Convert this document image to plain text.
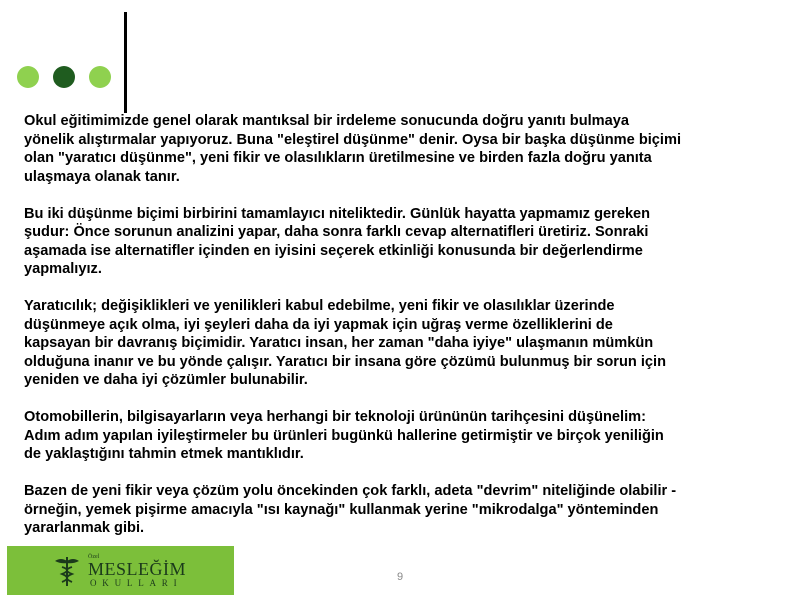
Okul eğitimimizde genel olarak mantıksal bir irdeleme sonucunda doğru yanıtı bulmaya
yönelik alıştırmalar yapıyoruz. Buna "eleştirel düşünme" denir. Oysa bir başka düşünme biçimi
olan "yaratıcı düşünme", yeni fikir ve olasılıkların üretilmesine ve birden fazla doğru yanıta
ulaşmaya olanak tanır.
Bu iki düşünme biçimi birbirini tamamlayıcı niteliktedir. Günlük hayatta yapmamız gereken
şudur: Önce sorunun analizini yapar, daha sonra farklı cevap alternatifleri üretiriz. Sonraki
aşamada ise alternatifler içinden en iyisini seçerek etkinliği konusunda bir değerlendirme
yapmalıyız.
Yaratıcılık; değişiklikleri ve yenilikleri kabul edebilme, yeni fikir ve olasılıklar üzerinde
düşünmeye açık olma, iyi şeyleri daha da iyi yapmak için uğraş verme özelliklerini de
kapsayan bir davranış biçimidir. Yaratıcı insan, her zaman "daha iyiye" ulaşmanın mümkün
olduğuna inanır ve bu yönde çalışır. Yaratıcı bir insana göre çözümü bulunmuş bir sorun için
yeniden ve daha iyi çözümler bulunabilir.
Otomobillerin, bilgisayarların veya herhangi bir teknoloji ürününün tarihçesini düşünelim:
Adım adım yapılan iyileştirmeler bu ürünleri bugünkü hallerine getirmiştir ve birçok yeniliğin
de yaklaştığını tahmin etmek mantıklıdır.
Bazen de yeni fikir veya çözüm yolu öncekinden çok farklı, adeta "devrim" niteliğinde olabilir -
örneğin, yemek pişirme amacıyla "ısı kaynağı" kullanmak yerine "mikrodalga" yönteminden
yararlanmak gibi.
Özel
MESLEĞİM
OKULLARI	9
